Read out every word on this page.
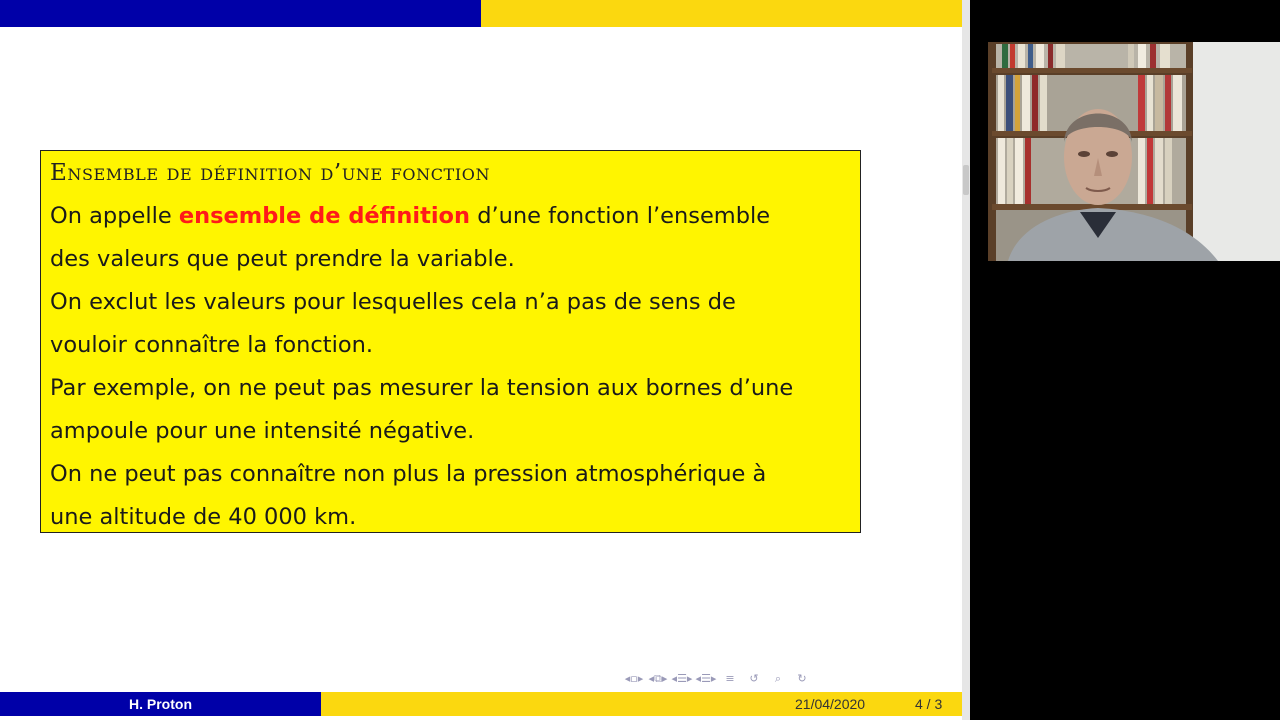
Ensemble de définition d’une fonction
On appelle ensemble de définition d’une fonction l’ensemble
des valeurs que peut prendre la variable.
On exclut les valeurs pour lesquelles cela n’a pas de sens de
vouloir connaître la fonction.
Par exemple, on ne peut pas mesurer la tension aux bornes d’une
ampoule pour une intensité négative.
On ne peut pas connaître non plus la pression atmosphérique à
une altitude de 40 000 km.
◂▫▸ ◂⧉▸ ◂☰▸ ◂☰▸ ≡	↺	⌕	↻
H. Proton	21/04/2020	4 / 3
